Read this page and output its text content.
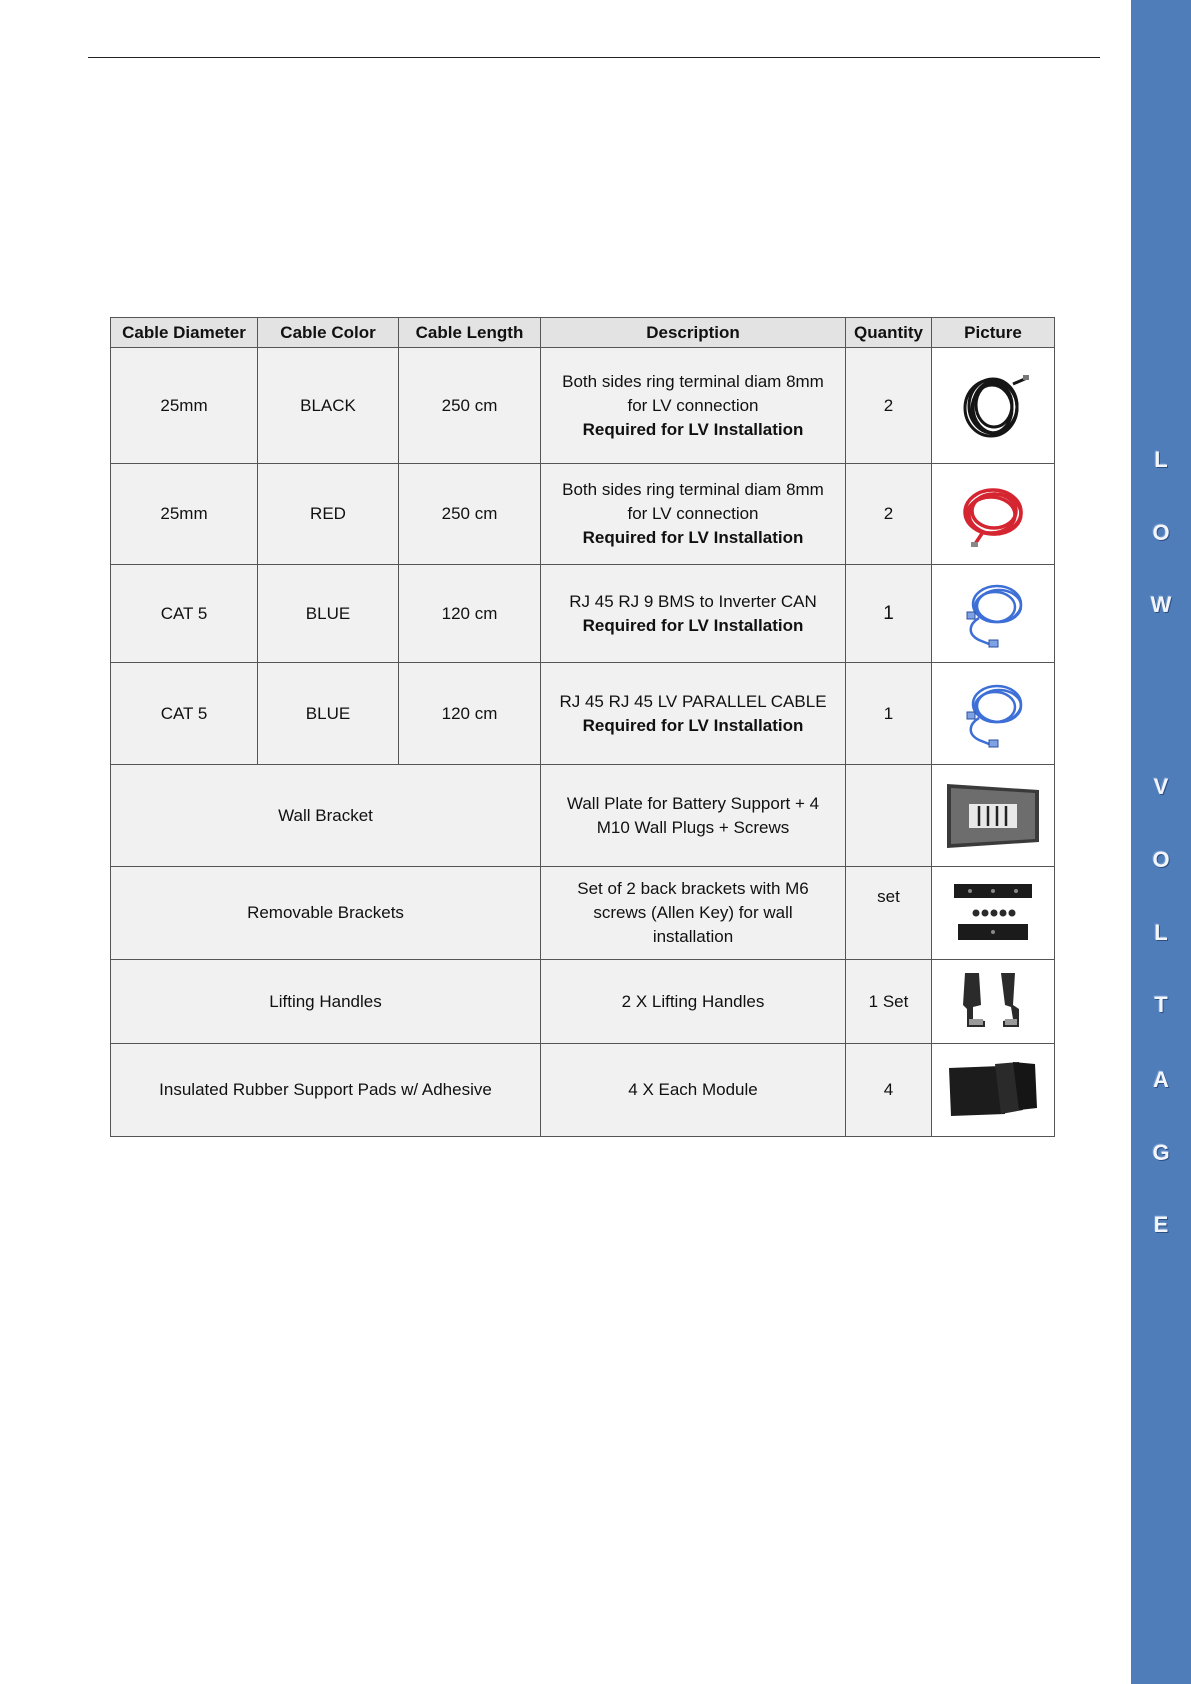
Cable Diameter	Cable Color	Cable Length	Description	Quantity	Picture
25mm	BLACK	250 cm	Both sides ring terminal diam 8mm
for LV connection
Required for LV Installation	2	

25mm	RED	250 cm	Both sides ring terminal diam 8mm
for LV connection
Required for LV Installation	2	

CAT 5	BLUE	120 cm	RJ 45 RJ 9 BMS to Inverter CAN
Required for LV Installation	1	

CAT 5	BLUE	120 cm	RJ 45 RJ 45 LV PARALLEL CABLE
Required for LV Installation	1	

Wall Bracket			Wall Plate for Battery Support + 4
M10 Wall Plugs + Screws

Removable Brackets			Set of 2 back brackets with M6
screws (Allen Key) for wall
installation	set	

Lifting Handles			2 X Lifting Handles	1 Set	

Insulated Rubber Support Pads w/ Adhesive			4 X Each Module	4	
L
O
W
V
O
L
T
A
G
E
